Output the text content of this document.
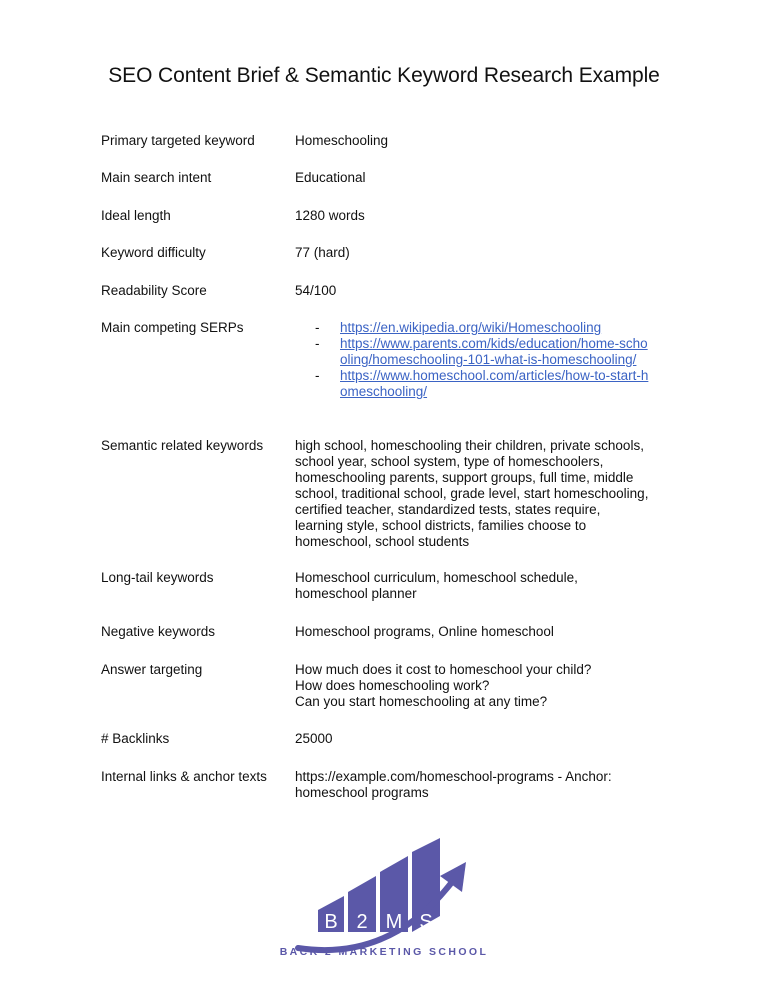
SEO Content Brief & Semantic Keyword Research Example
Primary targeted keyword	Homeschooling
Main search intent	Educational
Ideal length	1280 words
Keyword difficulty	77 (hard)
Readability Score	54/100
Main competing SERPs	- https://en.wikipedia.org/wiki/Homeschooling
- https://www.parents.com/kids/education/home-schooling/homeschooling-101-what-is-homeschooling/
- https://www.homeschool.com/articles/how-to-start-homeschooling/
Semantic related keywords	high school, homeschooling their children, private schools, school year, school system, type of homeschoolers, homeschooling parents, support groups, full time, middle school, traditional school, grade level, start homeschooling, certified teacher, standardized tests, states require, learning style, school districts, families choose to homeschool, school students
Long-tail keywords	Homeschool curriculum, homeschool schedule, homeschool planner
Negative keywords	Homeschool programs, Online homeschool
Answer targeting	How much does it cost to homeschool your child?
How does homeschooling work?
Can you start homeschooling at any time?
# Backlinks	25000
Internal links & anchor texts	https://example.com/homeschool-programs - Anchor: homeschool programs
B 2 M S
BACK 2 MARKETING SCHOOL
